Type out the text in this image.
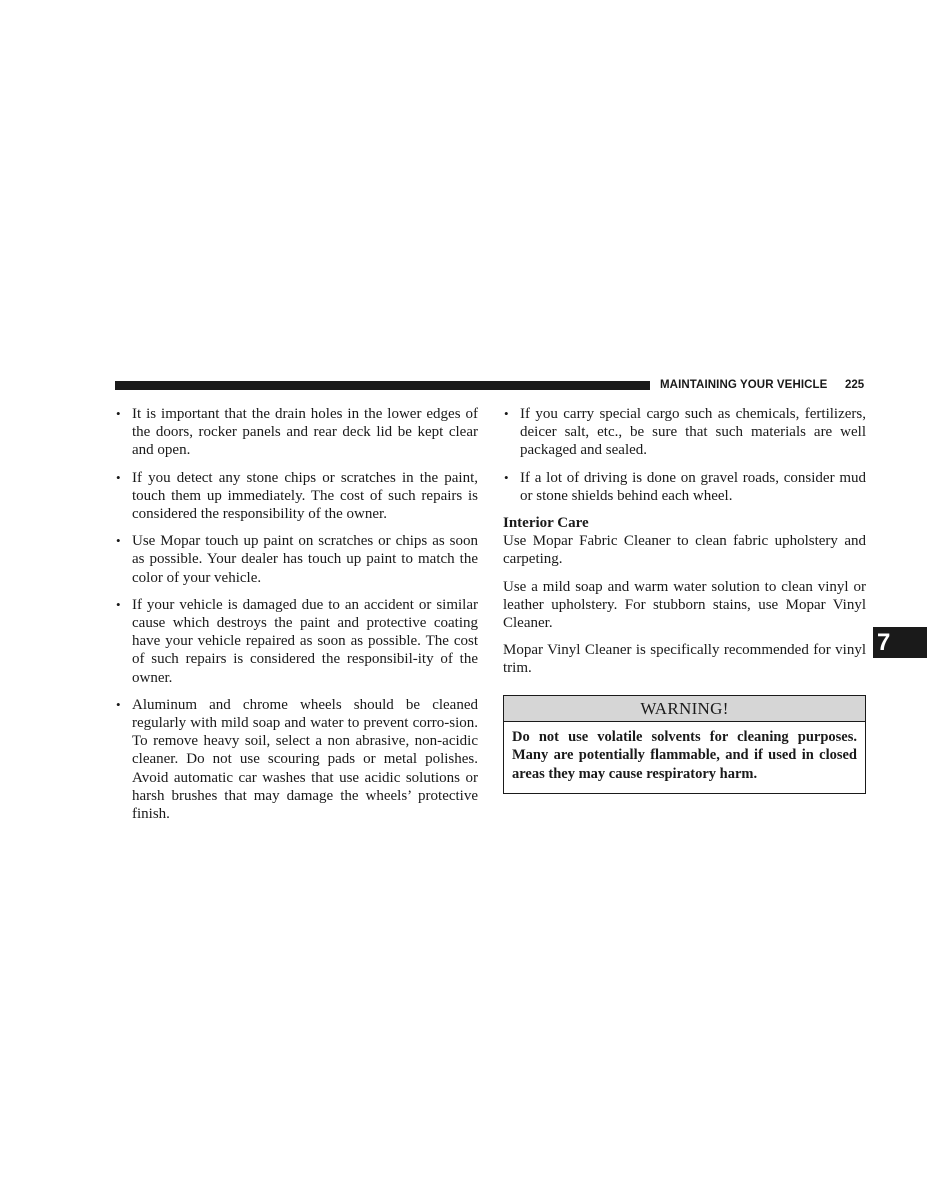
MAINTAINING YOUR VEHICLE 225
• It is important that the drain holes in the lower edges of the doors, rocker panels and rear deck lid be kept clear and open.
• If you detect any stone chips or scratches in the paint, touch them up immediately. The cost of such repairs is considered the responsibility of the owner.
• Use Mopar touch up paint on scratches or chips as soon as possible. Your dealer has touch up paint to match the color of your vehicle.
• If your vehicle is damaged due to an accident or similar cause which destroys the paint and protective coating have your vehicle repaired as soon as possible. The cost of such repairs is considered the responsibil-ity of the owner.
• Aluminum and chrome wheels should be cleaned regularly with mild soap and water to prevent corro-sion. To remove heavy soil, select a non abrasive, non-acidic cleaner. Do not use scouring pads or metal polishes. Avoid automatic car washes that use acidic solutions or harsh brushes that may damage the wheels’ protective finish.
• If you carry special cargo such as chemicals, fertilizers, deicer salt, etc., be sure that such materials are well packaged and sealed.
• If a lot of driving is done on gravel roads, consider mud or stone shields behind each wheel.
Interior Care

Use Mopar Fabric Cleaner to clean fabric upholstery and carpeting.

Use a mild soap and warm water solution to clean vinyl or leather upholstery. For stubborn stains, use Mopar Vinyl Cleaner.

Mopar Vinyl Cleaner is specifically recommended for vinyl trim.

WARNING!
Do not use volatile solvents for cleaning purposes. Many are potentially flammable, and if used in closed areas they may cause respiratory harm.
7
